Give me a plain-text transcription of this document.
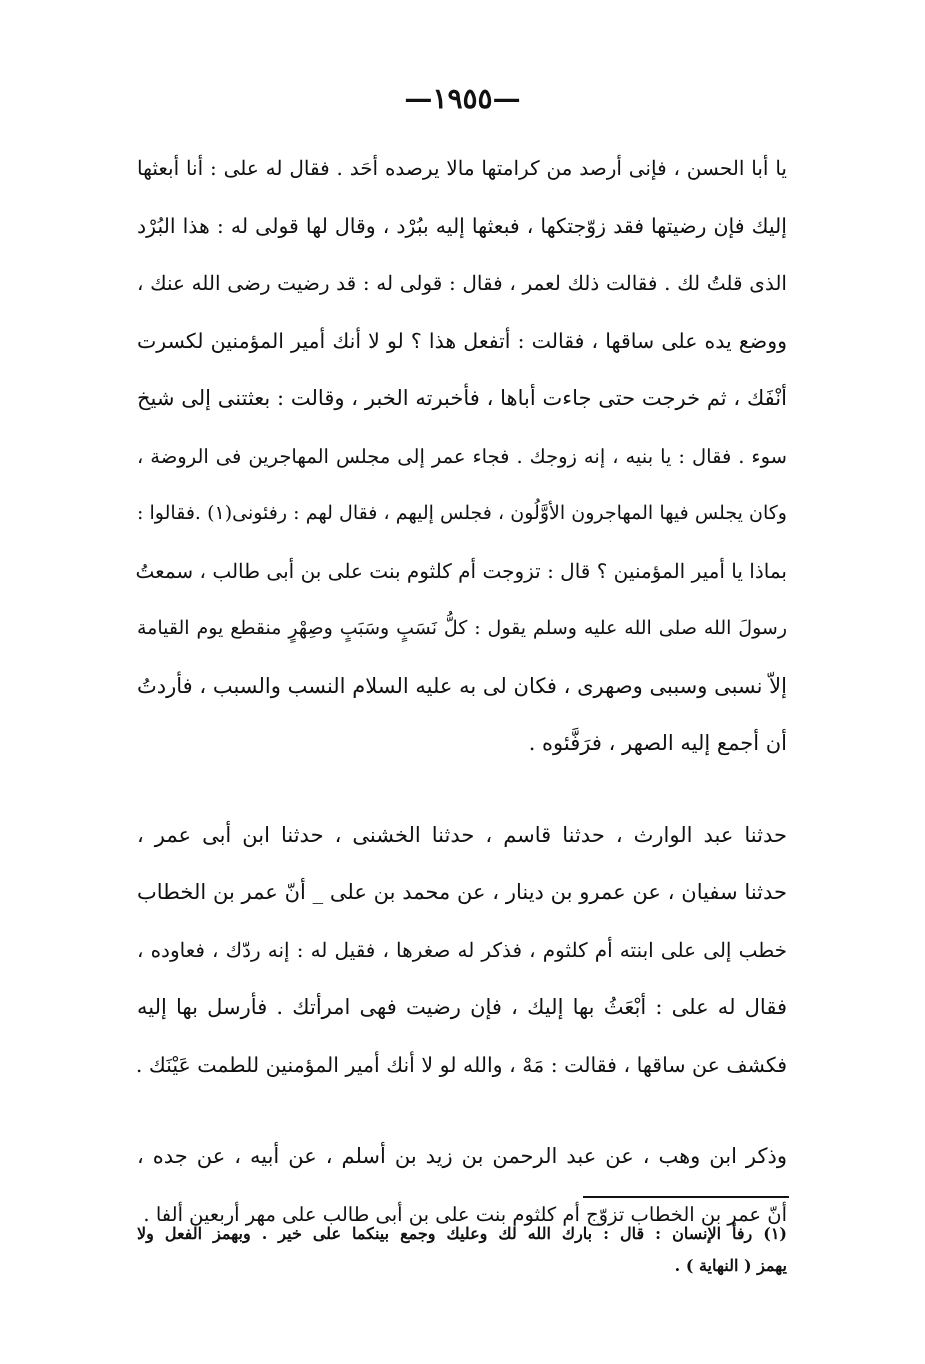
—١٩٥٥—
يا أبا الحسن ، فإنى أرصد من كرامتها مالا يرصده أحَد . فقال له على : أنا أبعثها
إليك فإن رضيتها فقد زوّجتكها ، فبعثها إليه ببُرْد ، وقال لها قولى له : هذا البُرْد
الذى قلتُ لك . فقالت ذلك لعمر ، فقال : قولى له : قد رضيت رضى الله عنك ،
ووضع يده على ساقها ، فقالت : أتفعل هذا ؟ لو لا أنك أمير المؤمنين لكسرت
أنْفَك ، ثم خرجت حتى جاءت أباها ، فأخبرته الخبر ، وقالت : بعثتنى إلى شيخ
سوء . فقال : يا بنيه ، إنه زوجك . فجاء عمر إلى مجلس المهاجرين فى الروضة ،
وكان يجلس فيها المهاجرون الأوَّلُون ، فجلس إليهم ، فقال لهم : رفئونى(١) .فقالوا :
بماذا يا أمير المؤمنين ؟ قال : تزوجت أم كلثوم بنت على بن أبى طالب ، سمعتُ
رسولَ الله صلى الله عليه وسلم يقول : كلُّ نَسَبٍ وسَبَبٍ وصِهْرٍ منقطع يوم القيامة
إلاّ نسبى وسببى وصهرى ، فكان لى به عليه السلام النسب والسبب ، فأردتُ
أن أجمع إليه الصهر ، فرَفَّئوه .
حدثنا عبد الوارث ، حدثنا قاسم ، حدثنا الخشنى ، حدثنا ابن أبى عمر ،
حدثنا سفيان ، عن عمرو بن دينار ، عن محمد بن على _ أنّ عمر بن الخطاب
خطب إلى على ابنته أم كلثوم ، فذكر له صغرها ، فقيل له : إنه ردّك ، فعاوده ،
فقال له على : أبْعَثُ بها إليك ، فإن رضيت فهى امرأتك . فأرسل بها إليه
فكشف عن ساقها ، فقالت : مَهْ ، والله لو لا أنك أمير المؤمنين للطمت عَيْنَك .
وذكر ابن وهب ، عن عبد الرحمن بن زيد بن أسلم ، عن أبيه ، عن جده ،
أنّ عمر بن الخطاب تزوّج أم كلثوم بنت على بن أبى طالب على مهر أربعين ألفا .
(١) رفأ الإنسان : قال : بارك الله لك وعليك وجمع بينكما على خير . وبهمز الفعل ولا
يهمز ( النهاية ) .
